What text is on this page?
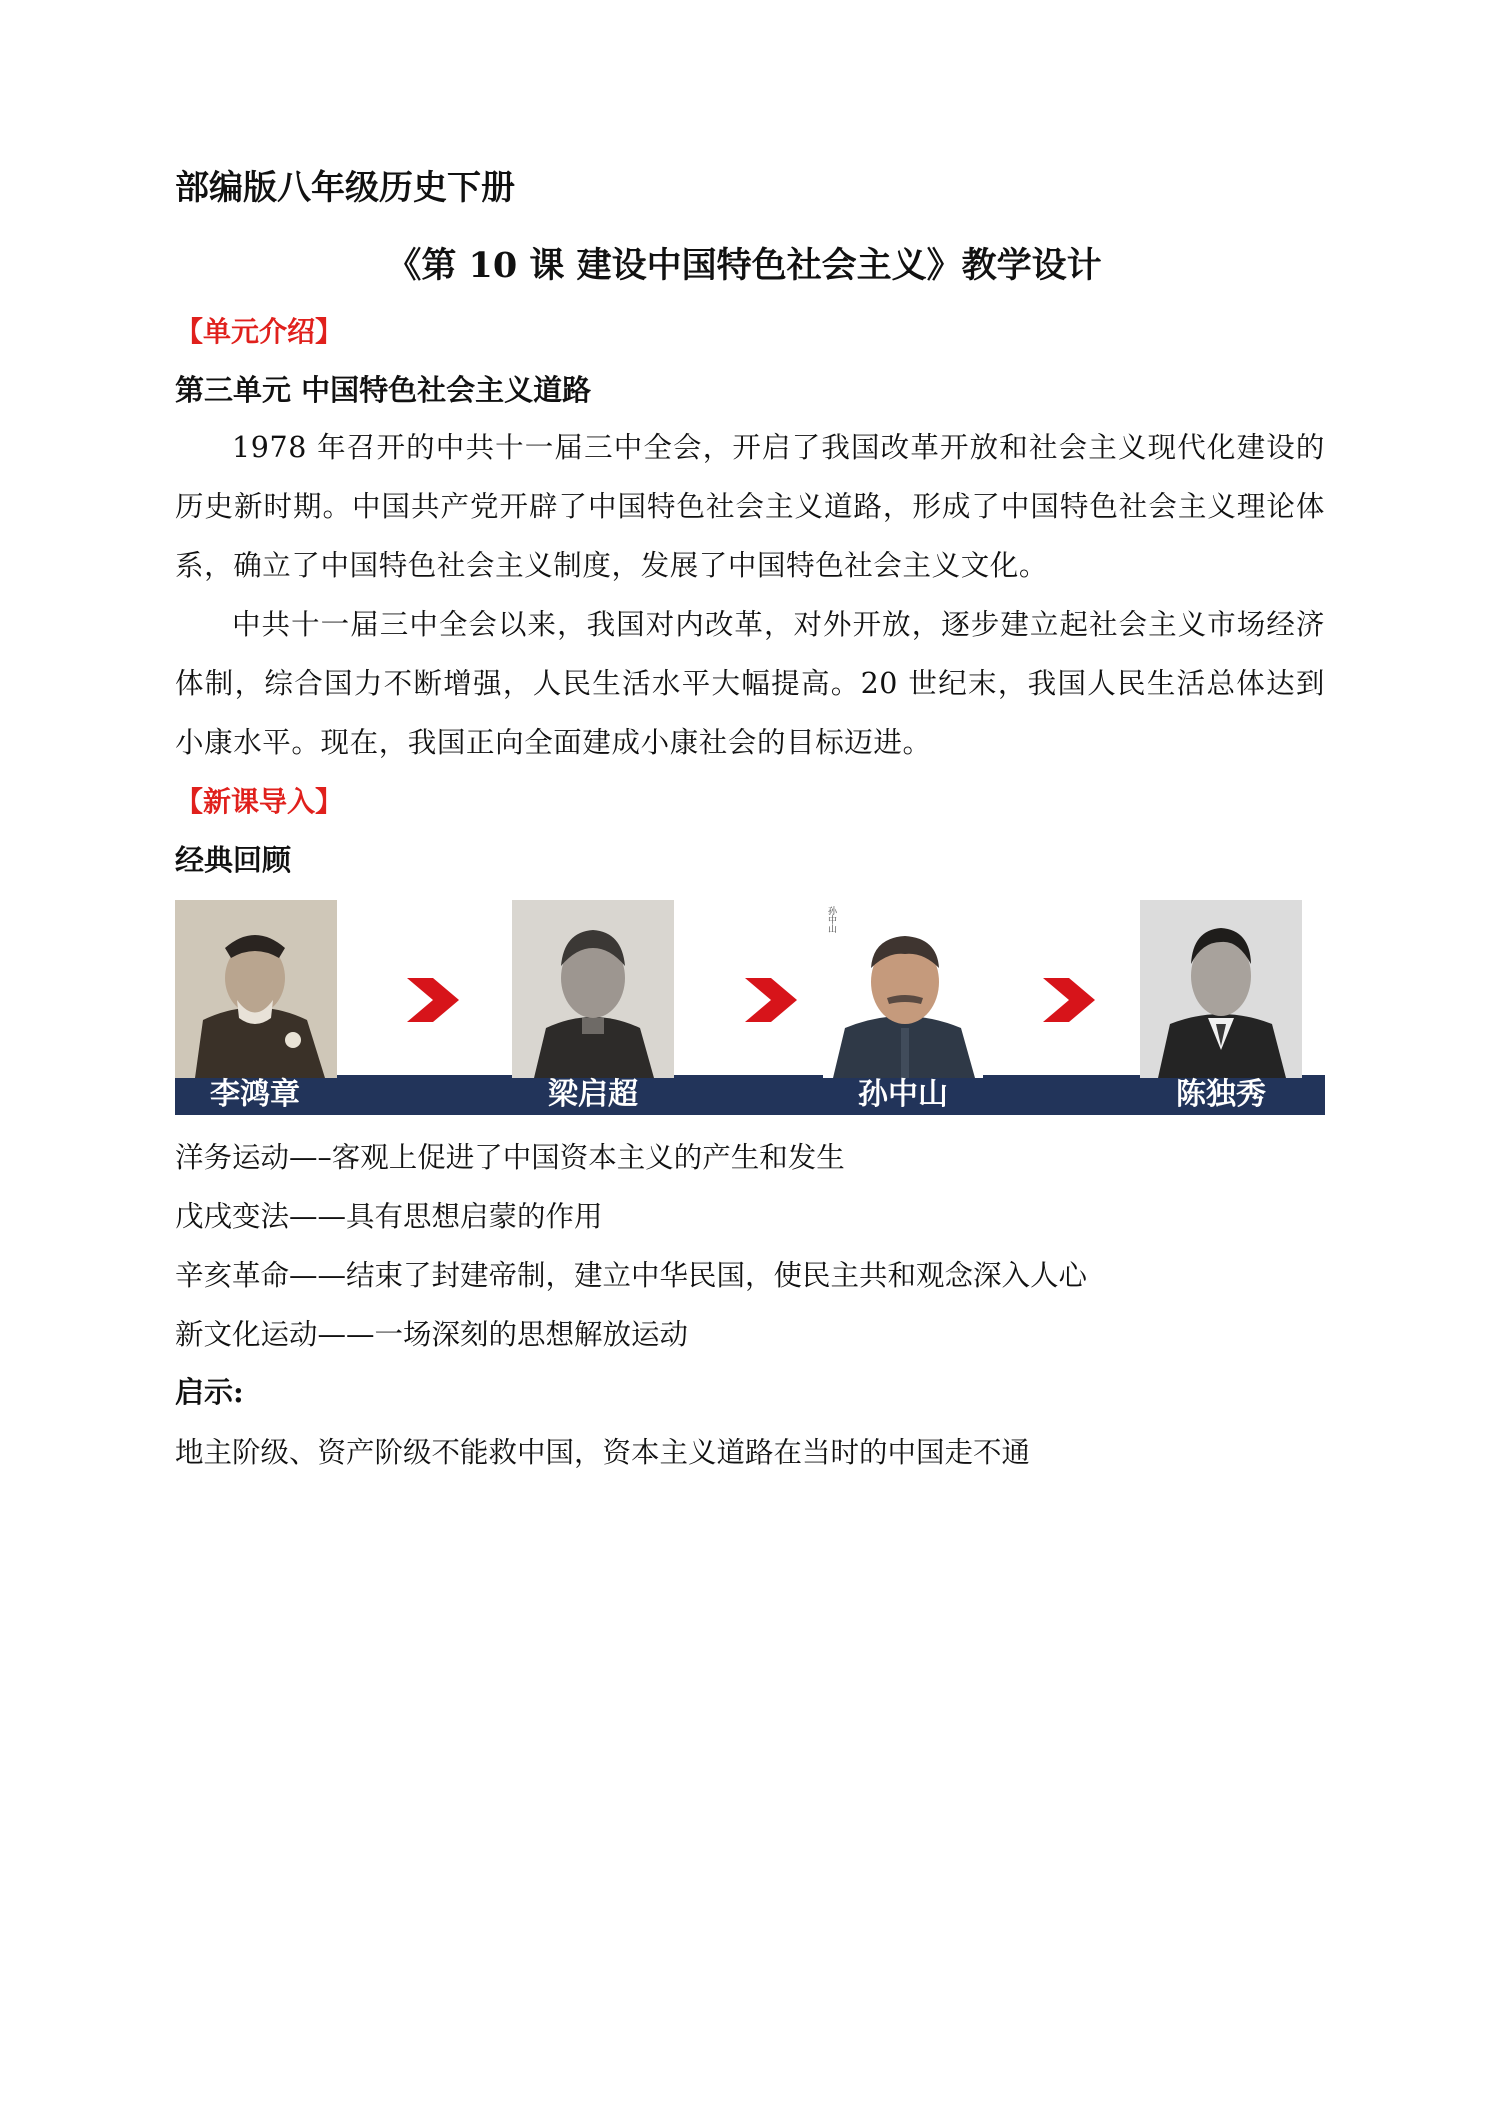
部编版八年级历史下册
《第 10 课 建设中国特色社会主义》教学设计
【单元介绍】
第三单元 中国特色社会主义道路

1978 年召开的中共十一届三中全会，开启了我国改革开放和社会主义现代化建设的历史新时期。中国共产党开辟了中国特色社会主义道路，形成了中国特色社会主义理论体系，确立了中国特色社会主义制度，发展了中国特色社会主义文化。

中共十一届三中全会以来，我国对内改革，对外开放，逐步建立起社会主义市场经济体制，综合国力不断增强，人民生活水平大幅提高。20 世纪末，我国人民生活总体达到小康水平。现在，我国正向全面建成小康社会的目标迈进。

【新课导入】
经典回顾
孙中山
李鸿章	梁启超	孙中山	陈独秀
洋务运动—–客观上促进了中国资本主义的产生和发生
戊戌变法——具有思想启蒙的作用
辛亥革命——结束了封建帝制，建立中华民国，使民主共和观念深入人心
新文化运动——一场深刻的思想解放运动
启示:
地主阶级、资产阶级不能救中国，资本主义道路在当时的中国走不通
